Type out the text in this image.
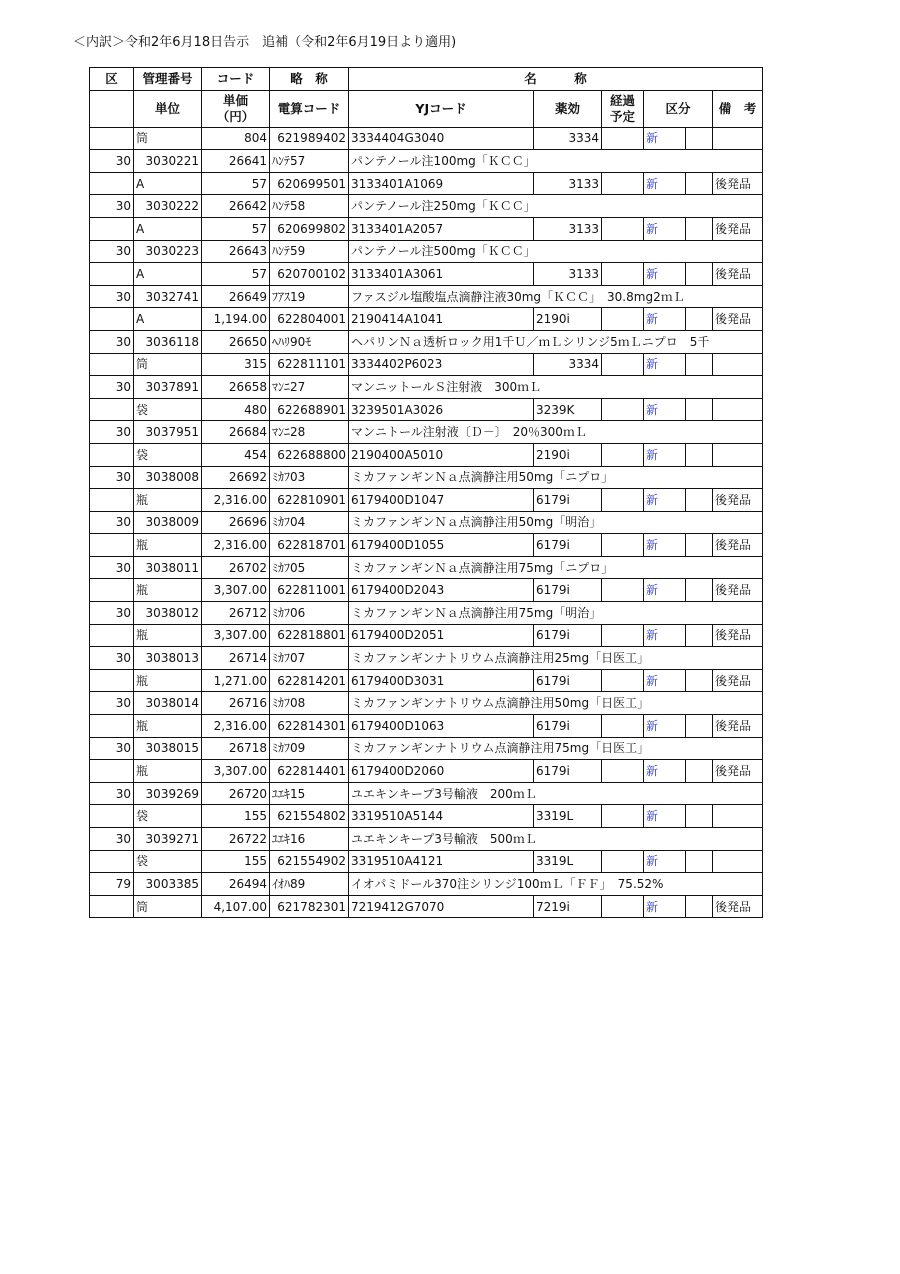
＜内訳＞令和2年6月18日告示　追補（令和2年6月19日より適用)
区	管理番号	コード	略　称	名　　　称					
	単位	単価
（円）	電算コード	YJコード	薬効	経過
予定	区分		備　考
	筒	804	621989402	3334404G3040	3334		新		
30	3030221	26641	ﾊﾝﾃ57	パンテノール注100mg「ＫＣＣ」					
	A	57	620699501	3133401A1069	3133		新		後発品
30	3030222	26642	ﾊﾝﾃ58	パンテノール注250mg「ＫＣＣ」					
	A	57	620699802	3133401A2057	3133		新		後発品
30	3030223	26643	ﾊﾝﾃ59	パンテノール注500mg「ＫＣＣ」					
	A	57	620700102	3133401A3061	3133		新		後発品
30	3032741	26649	ﾌｱｽ19	ファスジル塩酸塩点滴静注液30mg「ＫＣＣ」　30.8mg2ｍＬ					
	A	1,194.00	622804001	2190414A1041	2190i		新		後発品
30	3036118	26650	ﾍﾊﾘ90ﾓ	ヘパリンＮａ透析ロック用1千Ｕ／ｍＬシリンジ5ｍＬニプロ　5千					
	筒	315	622811101	3334402P6023	3334		新		
30	3037891	26658	ﾏﾝﾆ27	マンニットールＳ注射液　300ｍＬ					
	袋	480	622688901	3239501A3026	3239K		新		
30	3037951	26684	ﾏﾝﾆ28	マンニトール注射液〔Ｄ－〕　20％300ｍＬ					
	袋	454	622688800	2190400A5010	2190i		新		
30	3038008	26692	ﾐｶﾌ03	ミカファンギンＮａ点滴静注用50mg「ニプロ」					
	瓶	2,316.00	622810901	6179400D1047	6179i		新		後発品
30	3038009	26696	ﾐｶﾌ04	ミカファンギンＮａ点滴静注用50mg「明治」					
	瓶	2,316.00	622818701	6179400D1055	6179i		新		後発品
30	3038011	26702	ﾐｶﾌ05	ミカファンギンＮａ点滴静注用75mg「ニプロ」					
	瓶	3,307.00	622811001	6179400D2043	6179i		新		後発品
30	3038012	26712	ﾐｶﾌ06	ミカファンギンＮａ点滴静注用75mg「明治」					
	瓶	3,307.00	622818801	6179400D2051	6179i		新		後発品
30	3038013	26714	ﾐｶﾌ07	ミカファンギンナトリウム点滴静注用25mg「日医工」					
	瓶	1,271.00	622814201	6179400D3031	6179i		新		後発品
30	3038014	26716	ﾐｶﾌ08	ミカファンギンナトリウム点滴静注用50mg「日医工」					
	瓶	2,316.00	622814301	6179400D1063	6179i		新		後発品
30	3038015	26718	ﾐｶﾌ09	ミカファンギンナトリウム点滴静注用75mg「日医工」					
	瓶	3,307.00	622814401	6179400D2060	6179i		新		後発品
30	3039269	26720	ﾕｴｷ15	ユエキンキープ3号輸液　200ｍＬ					
	袋	155	621554802	3319510A5144	3319L		新		
30	3039271	26722	ﾕｴｷ16	ユエキンキープ3号輸液　500ｍＬ					
	袋	155	621554902	3319510A4121	3319L		新		
79	3003385	26494	ｲｵﾊ89	イオパミドール370注シリンジ100ｍＬ「ＦＦ」　75.52%					
	筒	4,107.00	621782301	7219412G7070	7219i		新		後発品
